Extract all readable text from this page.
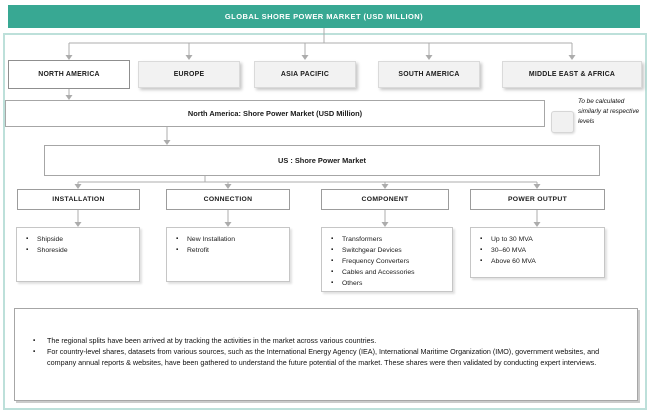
GLOBAL SHORE POWER MARKET (USD MILLION)
NORTH AMERICA	EUROPE	ASIA PACIFIC	SOUTH AMERICA	MIDDLE EAST & AFRICA
North America: Shore Power Market (USD Million)
To be calculated similarly at respective levels
US : Shore Power Market
INSTALLATION	CONNECTION	COMPONENT	POWER OUTPUT
▪ Shipside
▪ Shoreside
▪ New Installation
▪ Retrofit
▪ Transformers
▪ Switchgear Devices
▪ Frequency Converters
▪ Cables and Accessories
▪ Others
▪ Up to 30 MVA
▪ 30–60 MVA
▪ Above 60 MVA
▪ The regional splits have been arrived at by tracking the activities in the market across various countries.
▪ For country-level shares, datasets from various sources, such as the International Energy Agency (IEA), International Maritime Organization (IMO), government websites, and company annual reports & websites, have been gathered to understand the future potential of the market. These shares were then validated by conducting expert interviews.
